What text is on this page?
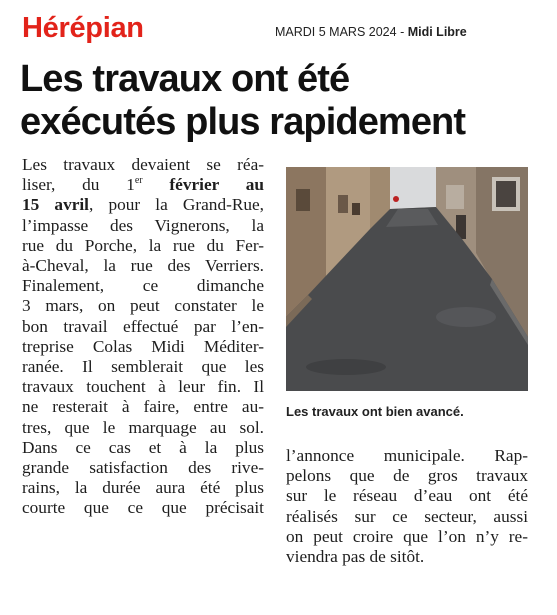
Hérépian	MARDI 5 MARS 2024 - Midi Libre
Les travaux ont été
exécutés plus rapidement
Les travaux devaient se réa-
liser, du 1er février au
15 avril, pour la Grand-Rue,
l’impasse des Vignerons, la
rue du Porche, la rue du Fer-
à-Cheval, la rue des Verriers.
Finalement, ce dimanche
3 mars, on peut constater le
bon travail effectué par l’en-
treprise Colas Midi Méditer-
ranée. Il semblerait que les
travaux touchent à leur fin. Il
ne resterait à faire, entre au-
tres, que le marquage au sol.
Dans ce cas et à la plus
grande satisfaction des rive-
rains, la durée aura été plus
courte que ce que précisait
Les travaux ont bien avancé.
l’annonce municipale. Rap-
pelons que de gros travaux
sur le réseau d’eau ont été
réalisés sur ce secteur, aussi
on peut croire que l’on n’y re-
viendra pas de sitôt.
